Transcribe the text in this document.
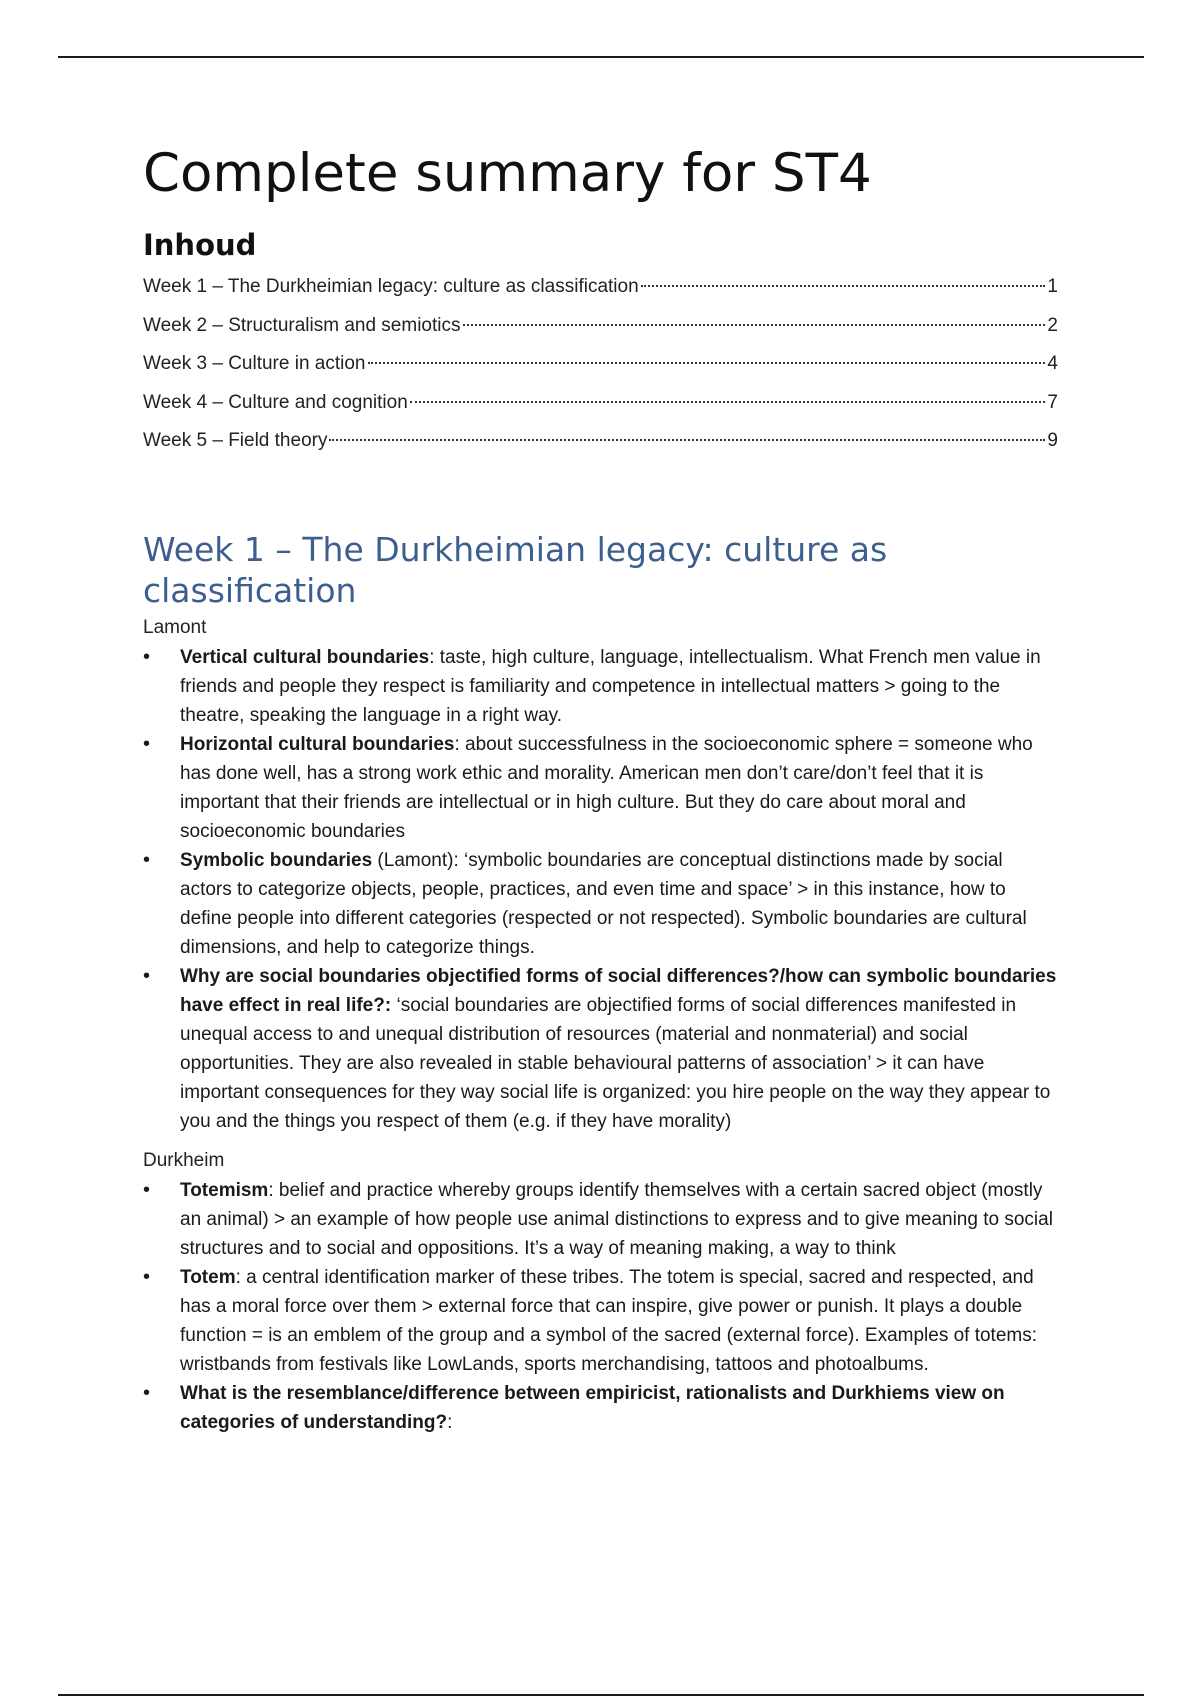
Complete summary for ST4
Inhoud
Week 1 – The Durkheimian legacy: culture as classification	1
Week 2 – Structuralism and semiotics	2
Week 3 – Culture in action	4
Week 4 – Culture and cognition	7
Week 5 – Field theory	9
Week 1 – The Durkheimian legacy: culture as classification

Lamont

• Vertical cultural boundaries: taste, high culture, language, intellectualism. What French men value in friends and people they respect is familiarity and competence in intellectual matters > going to the theatre, speaking the language in a right way.
• Horizontal cultural boundaries: about successfulness in the socioeconomic sphere = someone who has done well, has a strong work ethic and morality. American men don’t care/don’t feel that it is important that their friends are intellectual or in high culture. But they do care about moral and socioeconomic boundaries
• Symbolic boundaries (Lamont): ‘symbolic boundaries are conceptual distinctions made by social actors to categorize objects, people, practices, and even time and space’ > in this instance, how to define people into different categories (respected or not respected). Symbolic boundaries are cultural dimensions, and help to categorize things.
• Why are social boundaries objectified forms of social differences?/how can symbolic boundaries have effect in real life?: ‘social boundaries are objectified forms of social differences manifested in unequal access to and unequal distribution of resources (material and nonmaterial) and social opportunities. They are also revealed in stable behavioural patterns of association’ > it can have important consequences for they way social life is organized: you hire people on the way they appear to you and the things you respect of them (e.g. if they have morality)

Durkheim

• Totemism: belief and practice whereby groups identify themselves with a certain sacred object (mostly an animal) > an example of how people use animal distinctions to express and to give meaning to social structures and to social and oppositions. It’s a way of meaning making, a way to think
• Totem: a central identification marker of these tribes. The totem is special, sacred and respected, and has a moral force over them > external force that can inspire, give power or punish. It plays a double function = is an emblem of the group and a symbol of the sacred (external force). Examples of totems: wristbands from festivals like LowLands, sports merchandising, tattoos and photoalbums.
• What is the resemblance/difference between empiricist, rationalists and Durkhiems view on categories of understanding?:
